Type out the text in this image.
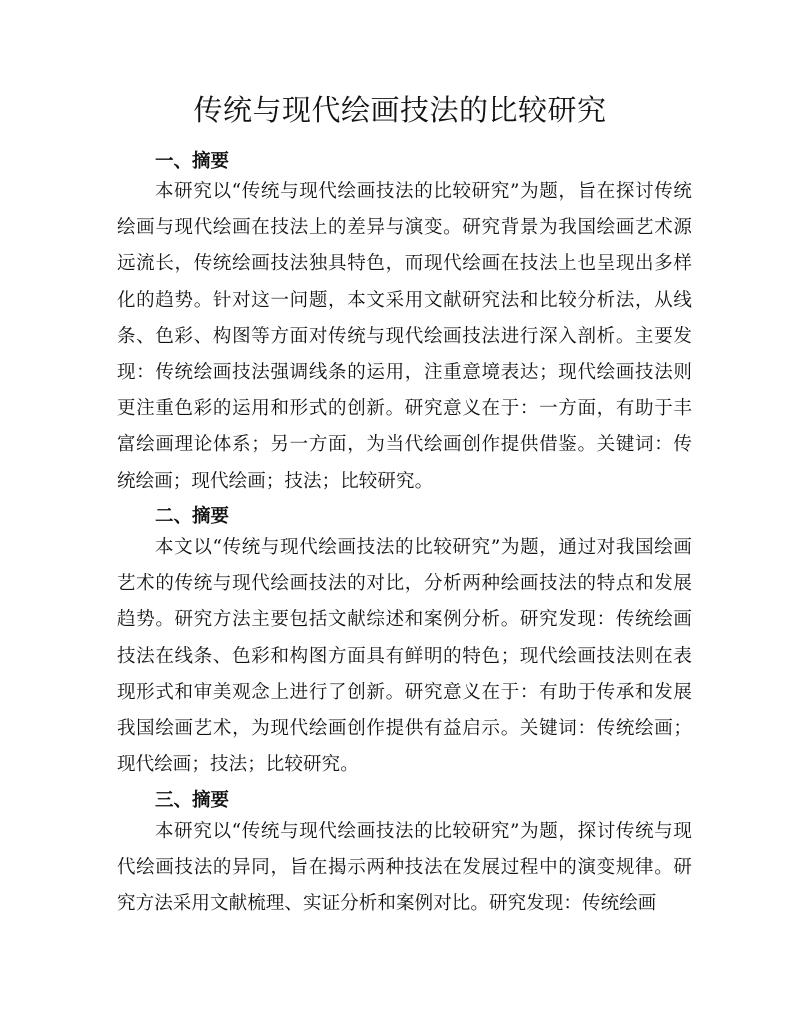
传统与现代绘画技法的比较研究
一、摘要

本研究以“传统与现代绘画技法的比较研究”为题，旨在探讨传统绘画与现代绘画在技法上的差异与演变。研究背景为我国绘画艺术源远流长，传统绘画技法独具特色，而现代绘画在技法上也呈现出多样化的趋势。针对这一问题，本文采用文献研究法和比较分析法，从线条、色彩、构图等方面对传统与现代绘画技法进行深入剖析。主要发现：传统绘画技法强调线条的运用，注重意境表达；现代绘画技法则更注重色彩的运用和形式的创新。研究意义在于：一方面，有助于丰富绘画理论体系；另一方面，为当代绘画创作提供借鉴。关键词：传统绘画；现代绘画；技法；比较研究。

二、摘要

本文以“传统与现代绘画技法的比较研究”为题，通过对我国绘画艺术的传统与现代绘画技法的对比，分析两种绘画技法的特点和发展趋势。研究方法主要包括文献综述和案例分析。研究发现：传统绘画技法在线条、色彩和构图方面具有鲜明的特色；现代绘画技法则在表现形式和审美观念上进行了创新。研究意义在于：有助于传承和发展我国绘画艺术，为现代绘画创作提供有益启示。关键词：传统绘画；现代绘画；技法；比较研究。

三、摘要

本研究以“传统与现代绘画技法的比较研究”为题，探讨传统与现代绘画技法的异同，旨在揭示两种技法在发展过程中的演变规律。研究方法采用文献梳理、实证分析和案例对比。研究发现：传统绘画
